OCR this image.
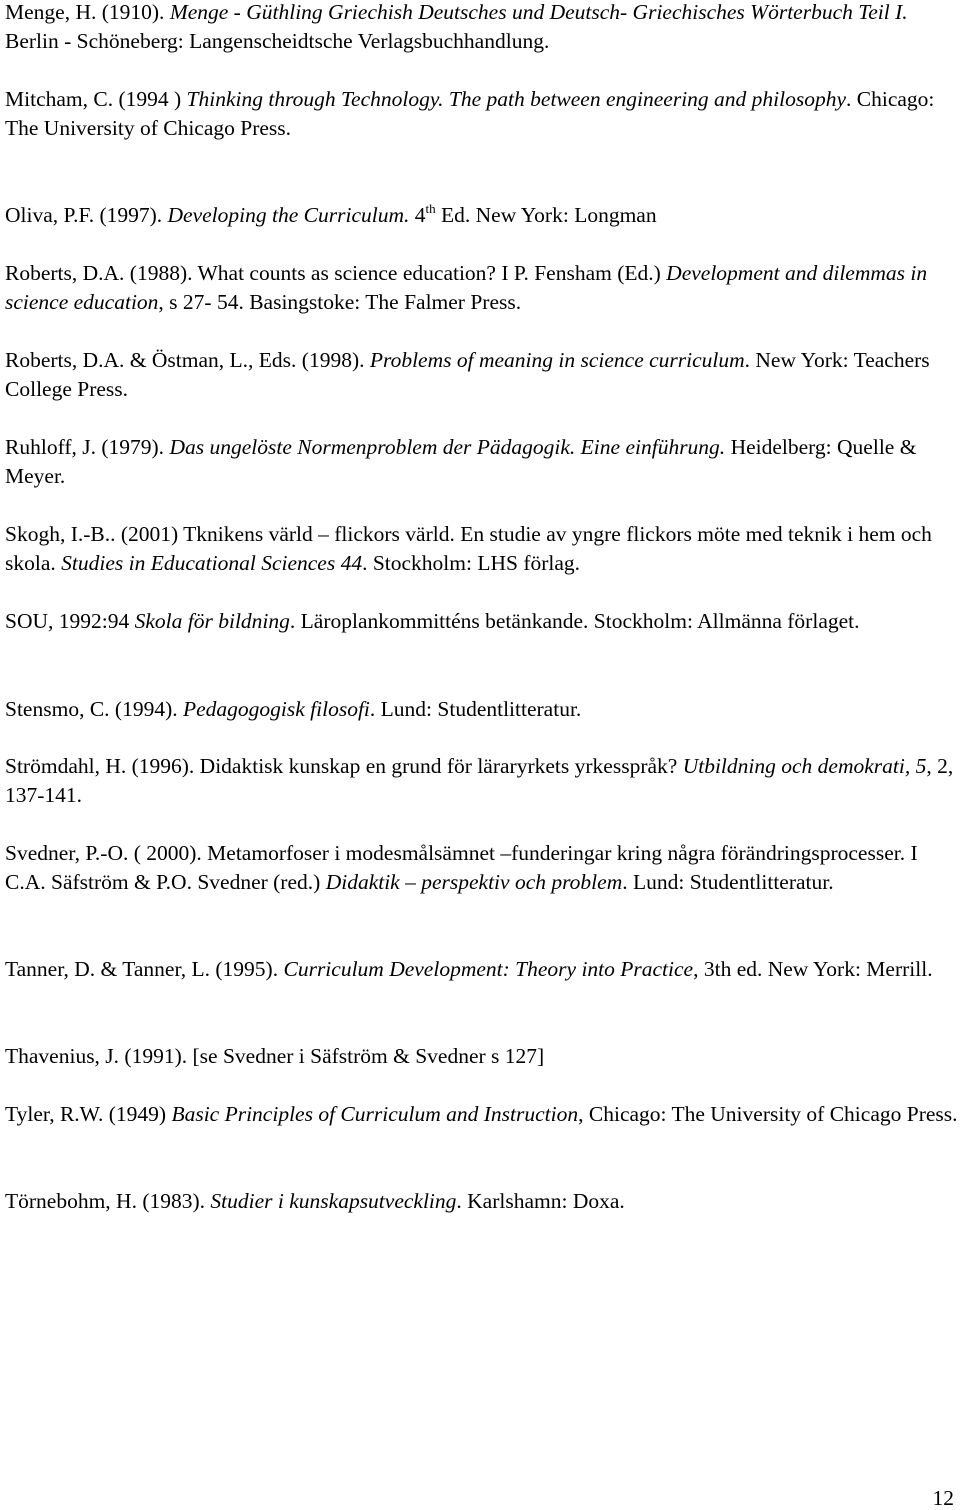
Menge, H. (1910). Menge - Güthling Griechish Deutsches und Deutsch- Griechisches Wörterbuch Teil I. Berlin - Schöneberg: Langenscheidtsche Verlagsbuchhandlung.

Mitcham, C. (1994 ) Thinking through Technology. The path between engineering and philosophy. Chicago: The University of Chicago Press.

Oliva, P.F. (1997). Developing the Curriculum. 4th Ed. New York: Longman

Roberts, D.A. (1988). What counts as science education? I P. Fensham (Ed.) Development and dilemmas in science education, s 27- 54. Basingstoke: The Falmer Press.

Roberts, D.A. & Östman, L., Eds. (1998). Problems of meaning in science curriculum. New York: Teachers College Press.

Ruhloff, J. (1979). Das ungelöste Normenproblem der Pädagogik. Eine einführung. Heidelberg: Quelle & Meyer.

Skogh, I.-B.. (2001) Tknikens värld – flickors värld. En studie av yngre flickors möte med teknik i hem och skola. Studies in Educational Sciences 44. Stockholm: LHS förlag.

SOU, 1992:94 Skola för bildning. Läroplankommitténs betänkande. Stockholm: Allmänna förlaget.

Stensmo, C. (1994). Pedagogogisk filosofi. Lund: Studentlitteratur.

Strömdahl, H. (1996). Didaktisk kunskap en grund för läraryrkets yrkesspråk? Utbildning och demokrati, 5, 2, 137-141.

Svedner, P.-O. ( 2000). Metamorfoser i modesmålsämnet –funderingar kring några förändringsprocesser. I C.A. Säfström & P.O. Svedner (red.) Didaktik – perspektiv och problem. Lund: Studentlitteratur.

Tanner, D. & Tanner, L. (1995). Curriculum Development: Theory into Practice, 3th ed. New York: Merrill.

Thavenius, J. (1991). [se Svedner i Säfström & Svedner s 127]

Tyler, R.W. (1949) Basic Principles of Curriculum and Instruction, Chicago: The University of Chicago Press.

Törnebohm, H. (1983). Studier i kunskapsutveckling. Karlshamn: Doxa.

12
